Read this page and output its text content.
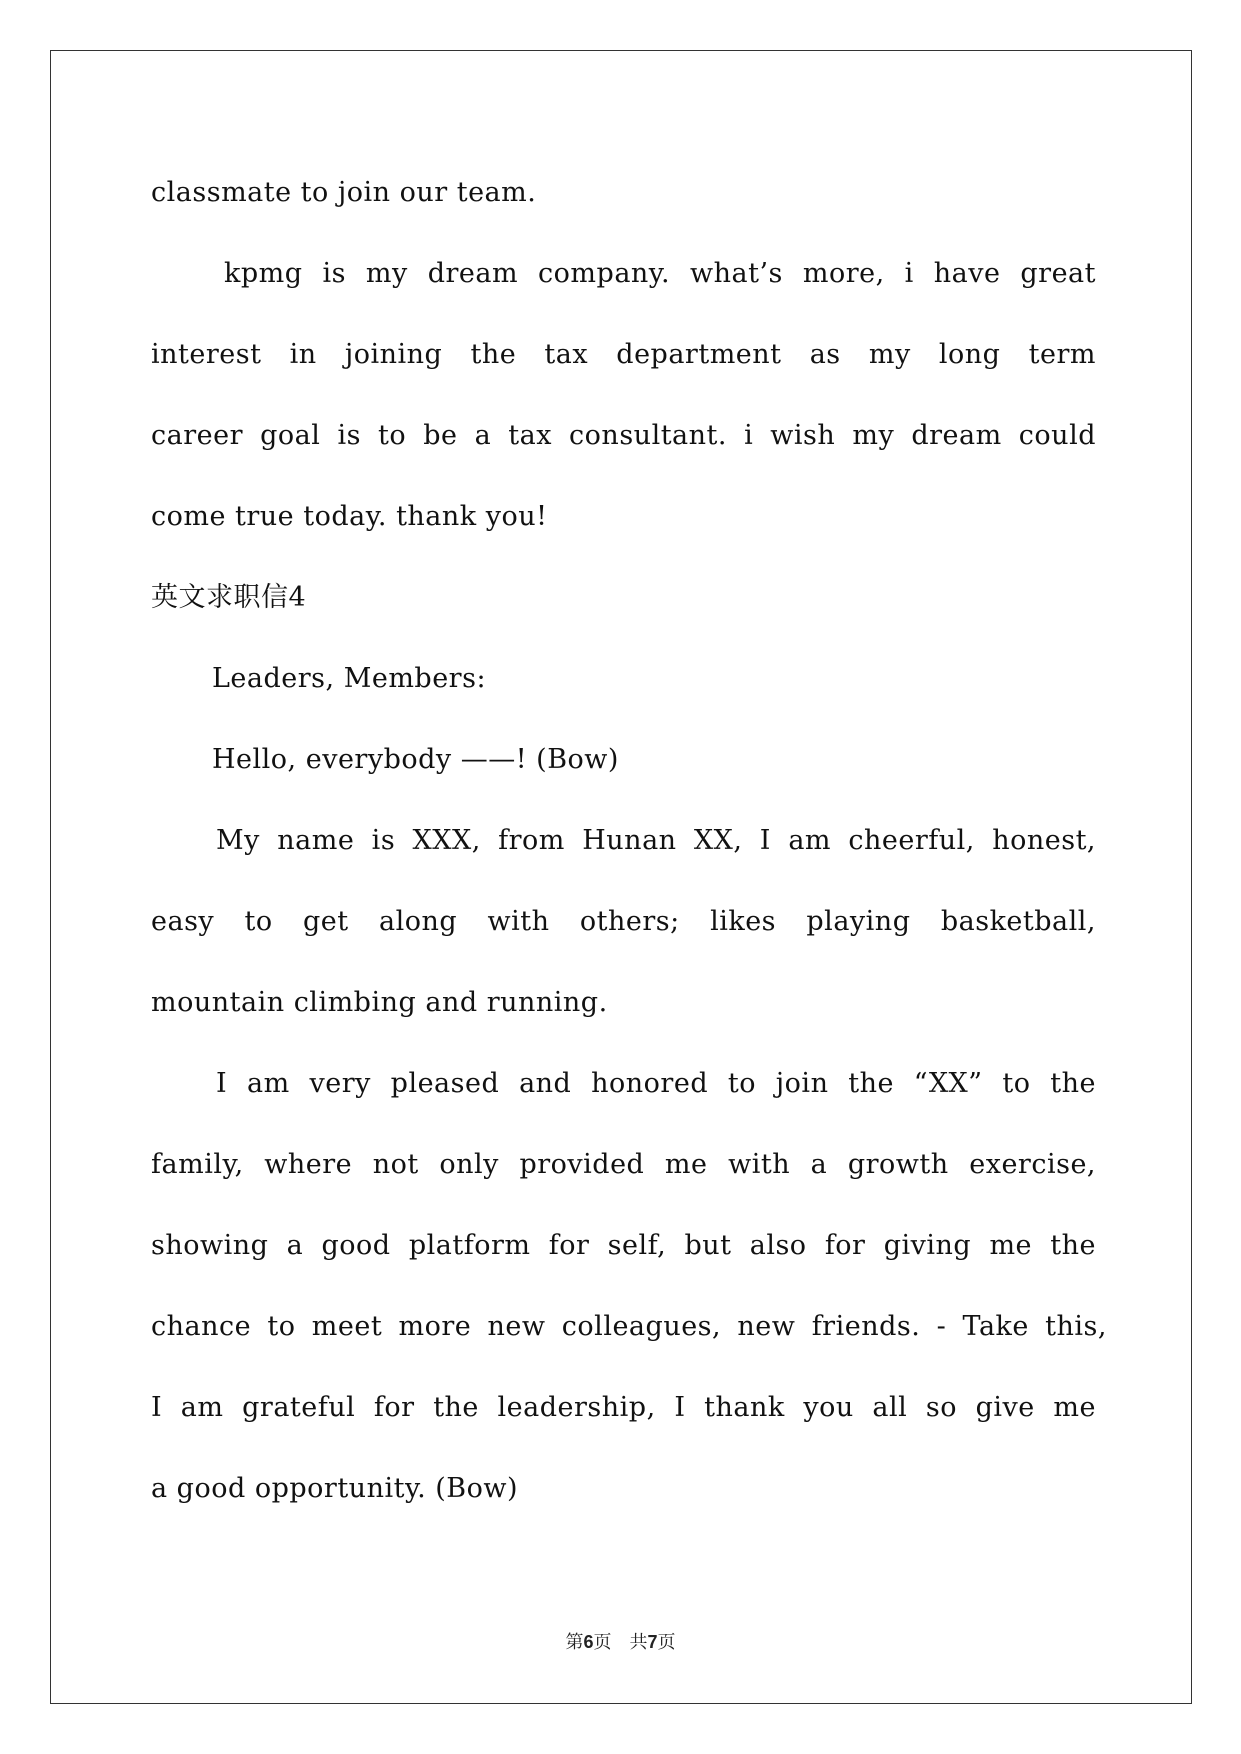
classmate to join our team.
kpmg is my dream company. what’s more, i have great
interest in joining the tax department as my long term
career goal is to be a tax consultant. i wish my dream could
come true today. thank you!
英文求职信4
Leaders, Members:
Hello, everybody ——! (Bow)
My name is XXX, from Hunan XX, I am cheerful, honest,
easy to get along with others; likes playing basketball,
mountain climbing and running.
I am very pleased and honored to join the “XX” to the
family, where not only provided me with a growth exercise,
showing a good platform for self, but also for giving me the
chance to meet more new colleagues, new friends. - Take this,
I am grateful for the leadership, I thank you all so give me
a good opportunity. (Bow)
第6页　共7页
